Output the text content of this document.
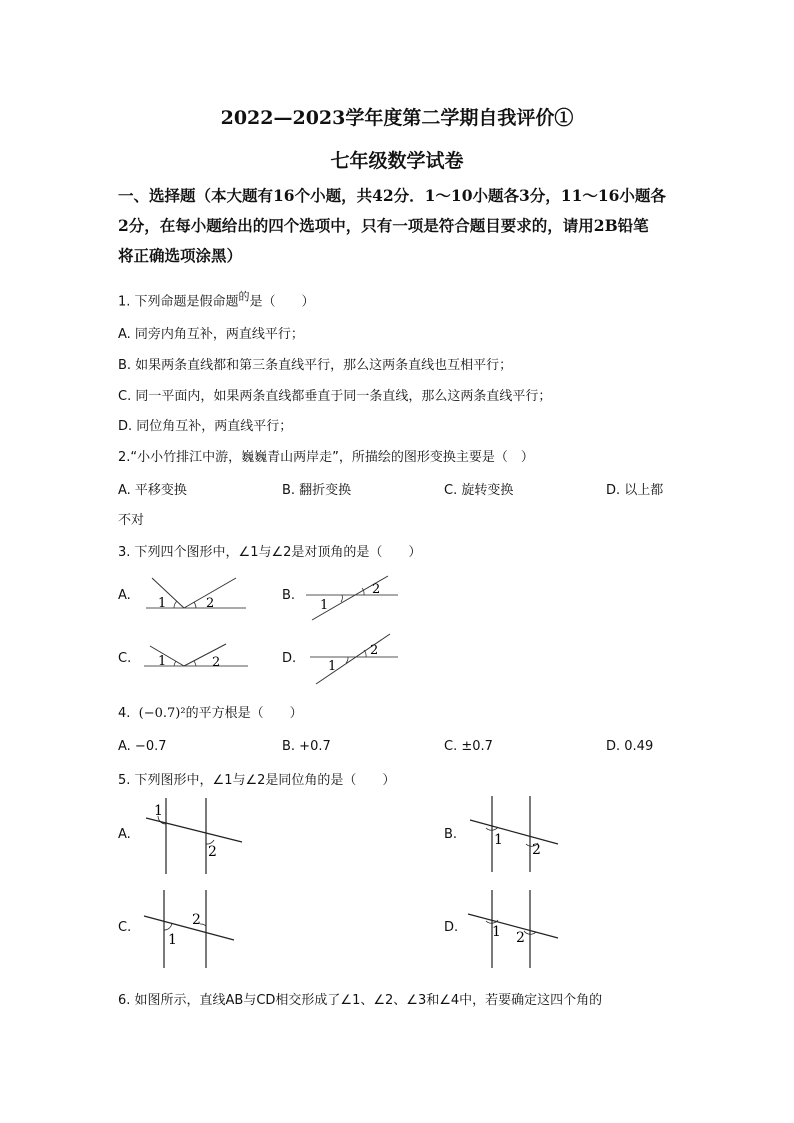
2022—2023学年度第二学期自我评价①
七年级数学试卷
一、选择题（本大题有16个小题，共42分．1～10小题各3分，11～16小题各
2分，在每小题给出的四个选项中，只有一项是符合题目要求的，请用2B铅笔
将正确选项涂黑）
1. 下列命题是假命题$^的$是（　　）
A. 同旁内角互补，两直线平行；
B. 如果两条直线都和第三条直线平行，那么这两条直线也互相平行；
C. 同一平面内，如果两条直线都垂直于同一条直线，那么这两条直线平行；
D. 同位角互补，两直线平行；
2.“小小竹排江中游，巍巍青山两岸走”，所描绘的图形变换主要是（　）
A. 平移变换	B. 翻折变换	C. 旋转变换	D. 以上都
不对
3. 下列四个图形中，∠1与∠2是对顶角的是（　　）
A.
1	2
B.
1
2
C. 1	2	D.
1
2
4. (−0.7)²的平方根是（　　）
A. −0.7	B. +0.7	C. ±0.7	D. 0.49
5. 下列图形中，∠1与∠2是同位角的是（　　）
A.
1
2
B.	1
2
C.
1
2	D. 1 2
6. 如图所示，直线AB与CD相交形成了∠1、∠2、∠3和∠4中，若要确定这四个角的
